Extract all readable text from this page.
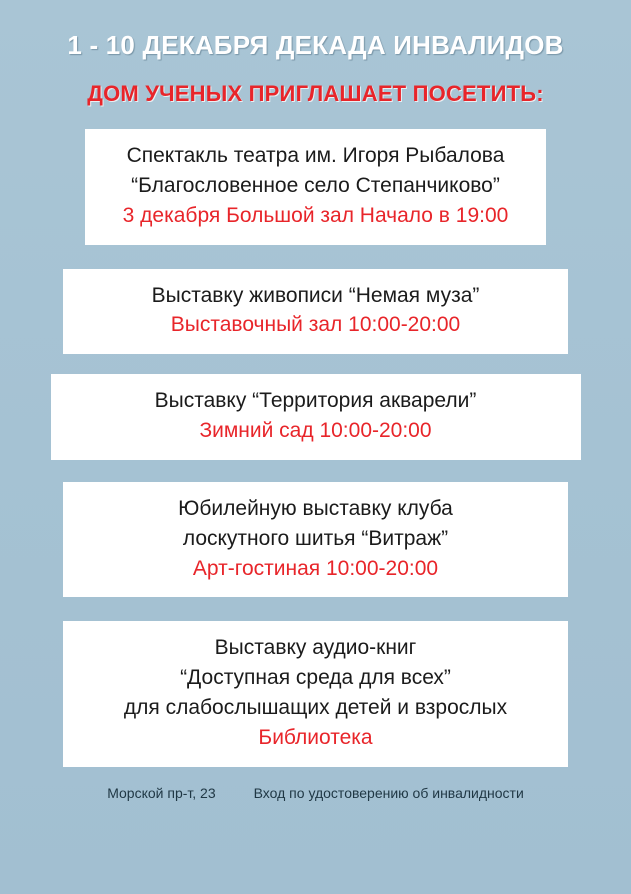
1 - 10 ДЕКАБРЯ ДЕКАДА ИНВАЛИДОВ
ДОМ УЧЕНЫХ ПРИГЛАШАЕТ ПОСЕТИТЬ:
Спектакль театра им. Игоря Рыбалова
“Благословенное село Степанчиково”
3 декабря Большой зал Начало в 19:00
Выставку живописи “Немая муза”
Выставочный зал 10:00-20:00
Выставку “Территория акварели”
Зимний сад 10:00-20:00
Юбилейную выставку клуба
лоскутного шитья “Витраж”
Арт-гостиная 10:00-20:00
Выставку аудио-книг
“Доступная среда для всех”
для слабослышащих детей и взрослых
Библиотека
Морской пр-т, 23	Вход по удостоверению об инвалидности
